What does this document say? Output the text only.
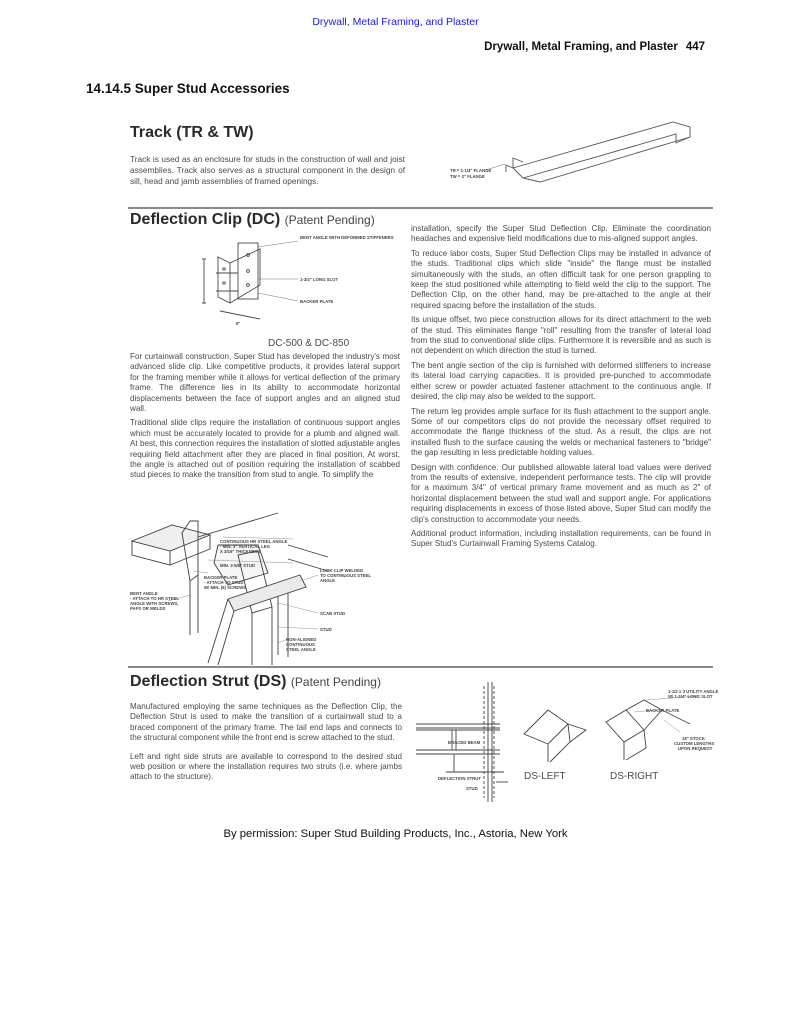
Drywall, Metal Framing, and Plaster
Drywall, Metal Framing, and Plaster 447
14.14.5 Super Stud Accessories
Track (TR & TW)
Track is used as an enclosure for studs in the construction of wall and joist assemblies. Track also serves as a structural component in the design of sill, head and jamb assemblies of framed openings.
TR = 1-1/4" FLANGE
TW = 2" FLANGE
Deflection Clip (DC) (Patent Pending)
BENT ANGLE WITH DEFORMED STIFFENERS
1-3/4" LONG SLOT
BACKER PLATE
5"
DC-500 & DC-850

For curtainwall construction, Super Stud has developed the industry's most advanced slide clip. Like competitive products, it provides lateral support for the framing member while it allows for vertical deflection of the primary frame. The difference lies in its ability to accommodate horizontal displacements between the face of support angles and an aligned stud wall.

Traditional slide clips require the installation of continuous support angles which must be accurately located to provide for a plumb and aligned wall. At best, this connection requires the installation of slotted adjustable angles requiring field attachment after they are placed in final position. At worst, the angle is attached out of position requiring the installation of scabbed stud pieces to make the transition from stud to angle. To simplify the

installation, specify the Super Stud Deflection Clip. Eliminate the coordination headaches and expensive field modifications due to mis-aligned support angles.

To reduce labor costs, Super Stud Deflection Clips may be installed in advance of the studs. Traditional clips which slide "inside" the flange must be installed simultaneously with the studs, an often difficult task for one person grappling to keep the stud positioned while attempting to field weld the clip to the support. The Deflection Clip, on the other hand, may be pre-attached to the angle at their required spacing before the installation of the studs.

Its unique offset, two piece construction allows for its direct attachment to the web of the stud. This eliminates flange "roll" resulting from the transfer of lateral load from the stud to conventional slide clips. Furthermore it is reversible and as such is not dependent on which direction the stud is turned.

The bent angle section of the clip is furnished with deformed stiffeners to increase its lateral load carrying capacities. It is provided pre-punched to accommodate either screw or powder actuated fastener attachment to the continuous angle. If desired, the clip may also be welded to the support.

The return leg provides ample surface for its flush attachment to the support angle. Some of our competitors clips do not provide the necessary offset required to accommodate the flange thickness of the stud. As a result, the clips are not installed flush to the surface causing the welds or mechanical fasteners to "bridge" the gap resulting in less predictable holding values.

Design with confidence. Our published allowable lateral load values were derived from the results of extensive, independent performance tests. The clip will provide for a maximum 3/4" of vertical primary frame movement and as much as 2" of horizontal displacement between the stud wall and support angle. For applications requiring displacements in excess of those listed above, Super Stud can modify the clip's construction to accommodate your needs.

Additional product information, including installation requirements, can be found in Super Stud's Curtainwall Framing Systems Catalog.

CONTINUOUS HR STEEL ANGLE
- MIN. 3" VERTICAL LEG
X 3/16" THICKNESS
MIN. 3-5/8" STUD
BACKER PLATE
- ATTACH TO STUD
W/ MIN. (6) SCREWS
BENT ANGLE
- ATTACH TO HR STEEL
ANGLE WITH SCREWS,
PAFS OR WELDS
LOOK CLIP WELDED
TO CONTINUOUS STEEL
ANGLE
SCAB STUD
STUD
NON-ALIGNED
CONTINUOUS
STEEL ANGLE
Deflection Strut (DS) (Patent Pending)

Manufactured employing the same techniques as the Deflection Clip, the Deflection Strut is used to make the transition of a curtainwall stud to a braced component of the primary frame. The tail end laps and connects to the structural component while the front end is screw attached to the stud.

Left and right side struts are available to correspond to the desired stud web position or where the installation requires two struts (i.e. where jambs attach to the structure).

BRACED BEAM
DEFLECTION STRUT
STUD
1-1/2 x 3 UTILITY ANGLE
W/ 1-3/4" LONG SLOT
BACKER PLATE
18" STOCK
CUSTOM LENGTHS
UPON REQUEST
DS-LEFT	DS-RIGHT
By permission: Super Stud Building Products, Inc., Astoria, New York
